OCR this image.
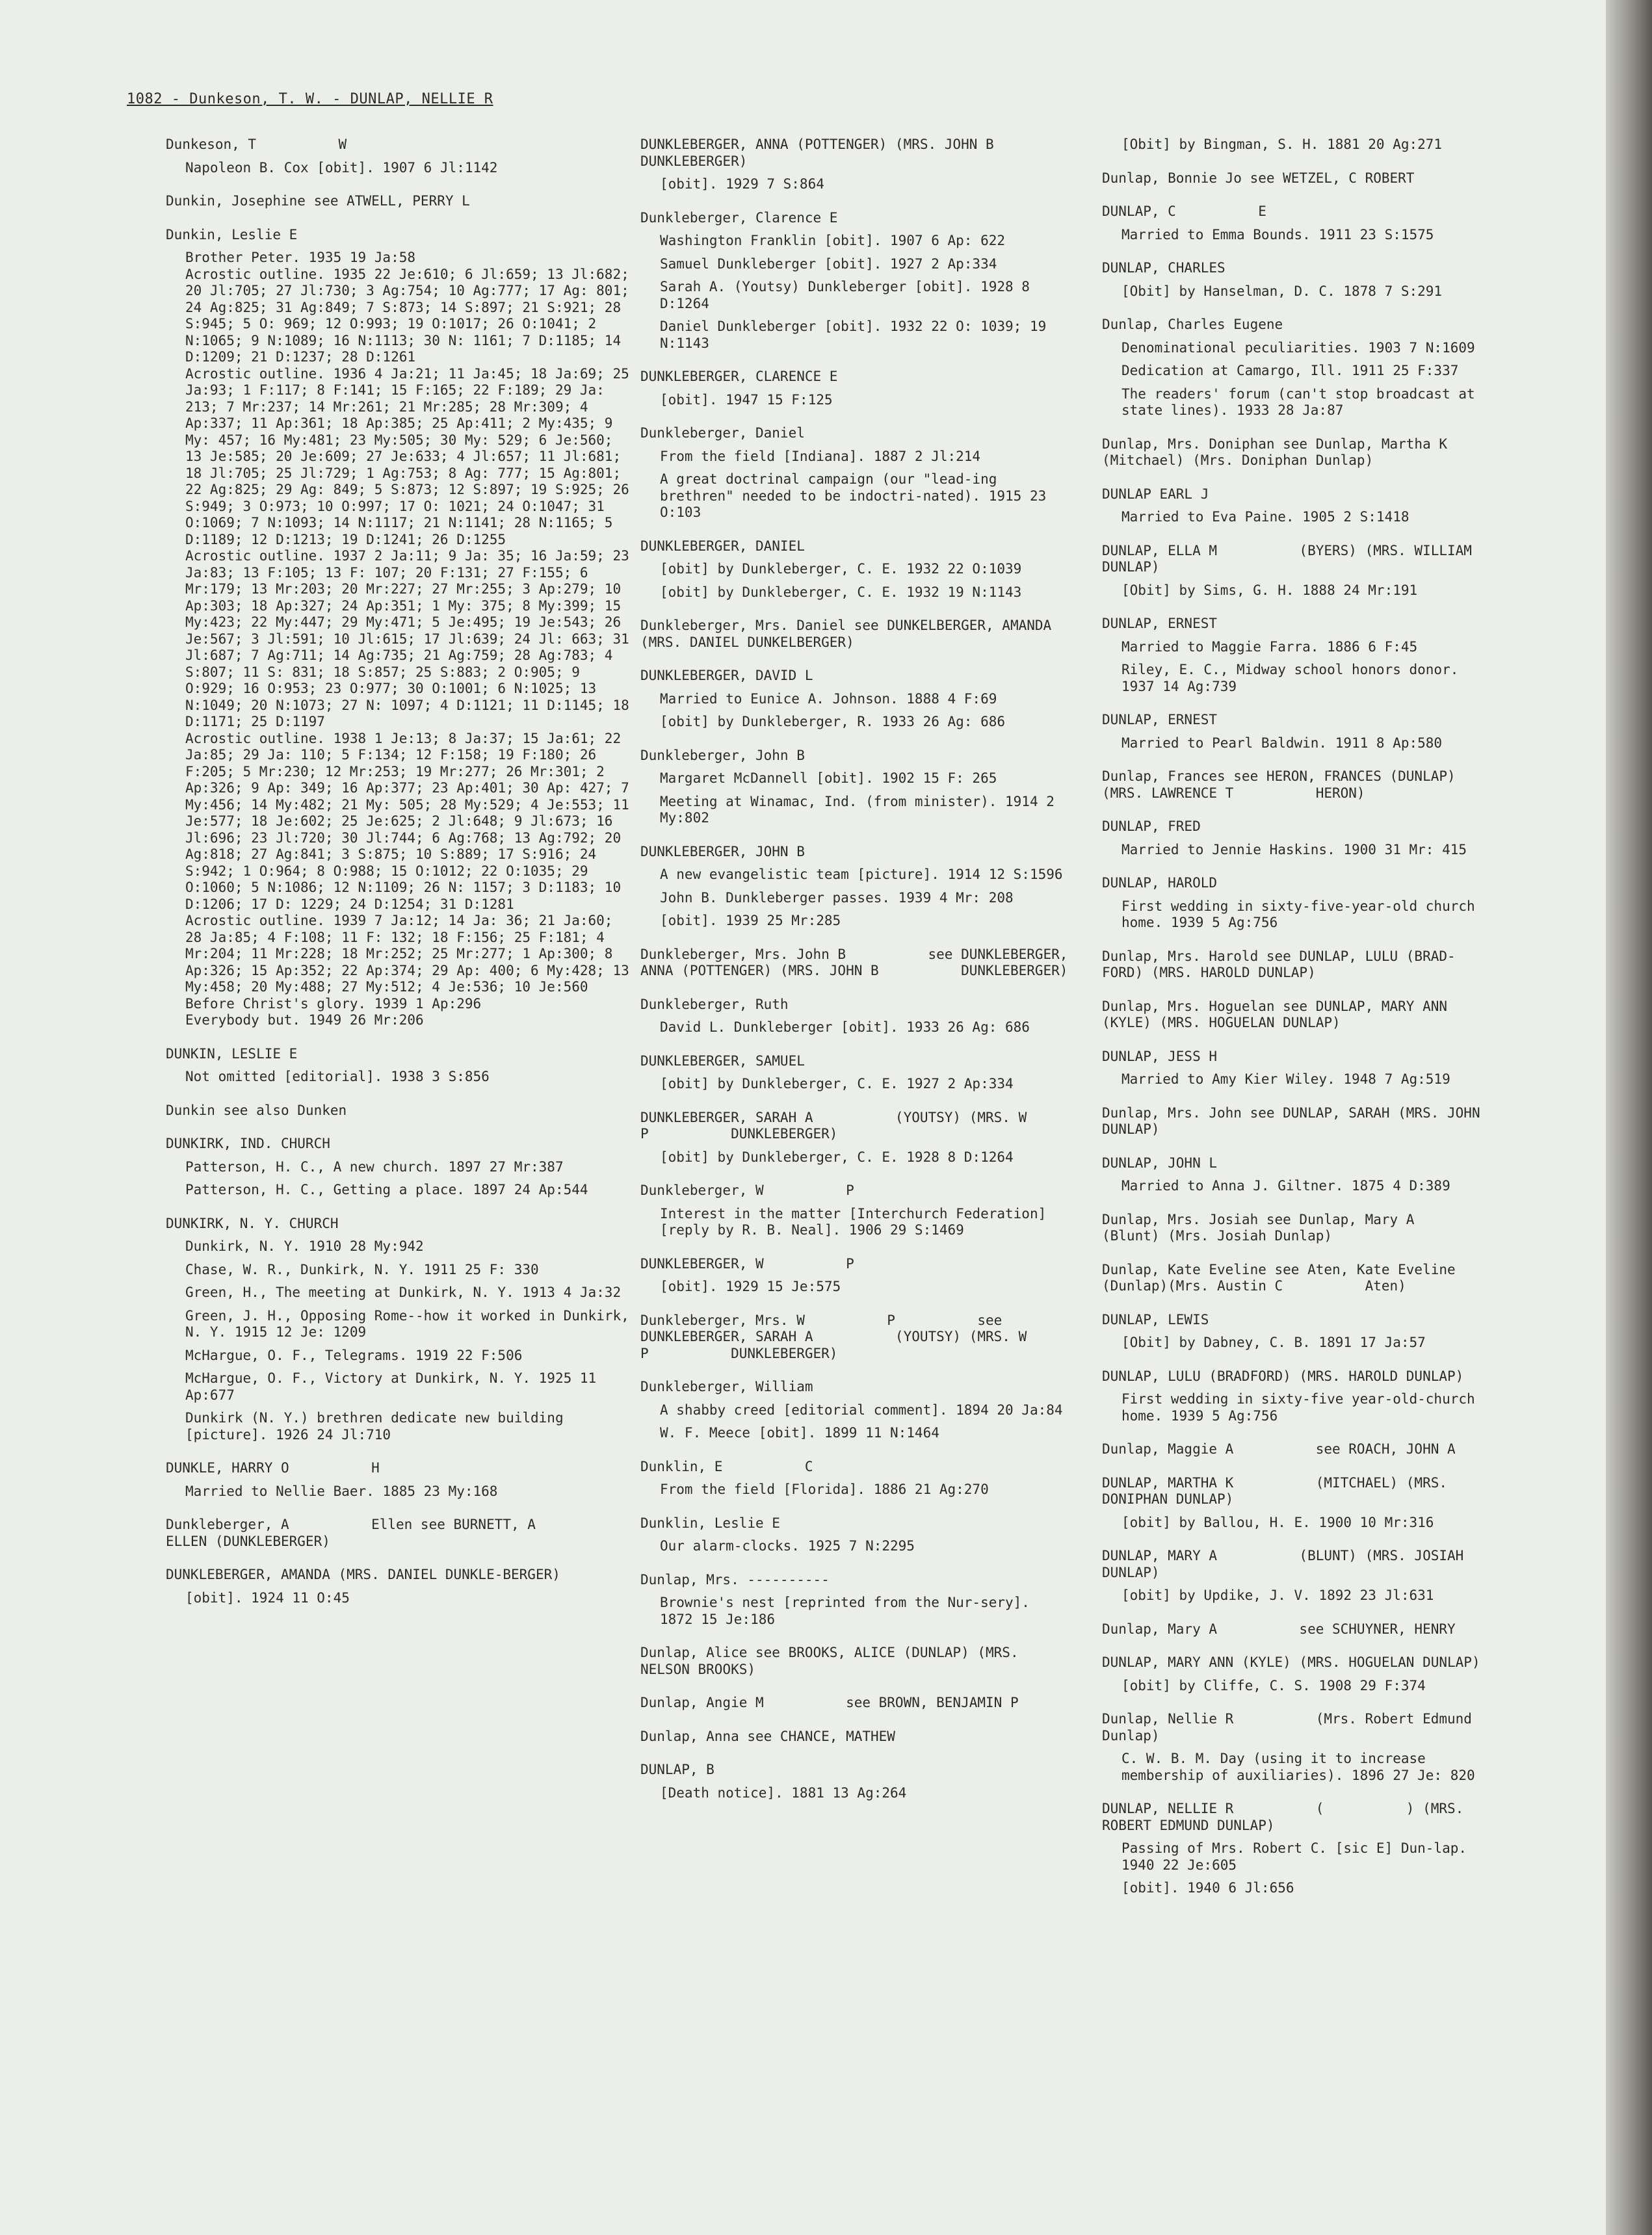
1082 - Dunkeson, T. W. - DUNLAP, NELLIE R
Dunkeson, T          W
Napoleon B. Cox [obit]. 1907 6 Jl:1142
Dunkin, Josephine see ATWELL, PERRY L
Dunkin, Leslie E
Brother Peter. 1935 19 Ja:58
Acrostic outline. 1935 22 Je:610; 6 Jl:659; 13 Jl:682; 20 Jl:705; 27 Jl:730; 3 Ag:754; 10 Ag:777; 17 Ag: 801; 24 Ag:825; 31 Ag:849; 7 S:873; 14 S:897; 21 S:921; 28 S:945; 5 O: 969; 12 O:993; 19 O:1017; 26 O:1041; 2 N:1065; 9 N:1089; 16 N:1113; 30 N: 1161; 7 D:1185; 14 D:1209; 21 D:1237; 28 D:1261
Acrostic outline. 1936 4 Ja:21; 11 Ja:45; 18 Ja:69; 25 Ja:93; 1 F:117; 8 F:141; 15 F:165; 22 F:189; 29 Ja: 213; 7 Mr:237; 14 Mr:261; 21 Mr:285; 28 Mr:309; 4 Ap:337; 11 Ap:361; 18 Ap:385; 25 Ap:411; 2 My:435; 9 My: 457; 16 My:481; 23 My:505; 30 My: 529; 6 Je:560; 13 Je:585; 20 Je:609; 27 Je:633; 4 Jl:657; 11 Jl:681; 18 Jl:705; 25 Jl:729; 1 Ag:753; 8 Ag: 777; 15 Ag:801; 22 Ag:825; 29 Ag: 849; 5 S:873; 12 S:897; 19 S:925; 26 S:949; 3 O:973; 10 O:997; 17 O: 1021; 24 O:1047; 31 O:1069; 7 N:1093; 14 N:1117; 21 N:1141; 28 N:1165; 5 D:1189; 12 D:1213; 19 D:1241; 26 D:1255
Acrostic outline. 1937 2 Ja:11; 9 Ja: 35; 16 Ja:59; 23 Ja:83; 13 F:105; 13 F: 107; 20 F:131; 27 F:155; 6 Mr:179; 13 Mr:203; 20 Mr:227; 27 Mr:255; 3 Ap:279; 10 Ap:303; 18 Ap:327; 24 Ap:351; 1 My: 375; 8 My:399; 15 My:423; 22 My:447; 29 My:471; 5 Je:495; 19 Je:543; 26 Je:567; 3 Jl:591; 10 Jl:615; 17 Jl:639; 24 Jl: 663; 31 Jl:687; 7 Ag:711; 14 Ag:735; 21 Ag:759; 28 Ag:783; 4 S:807; 11 S: 831; 18 S:857; 25 S:883; 2 O:905; 9 O:929; 16 O:953; 23 O:977; 30 O:1001; 6 N:1025; 13 N:1049; 20 N:1073; 27 N: 1097; 4 D:1121; 11 D:1145; 18 D:1171; 25 D:1197
Acrostic outline. 1938 1 Je:13; 8 Ja:37; 15 Ja:61; 22 Ja:85; 29 Ja: 110; 5 F:134; 12 F:158; 19 F:180; 26 F:205; 5 Mr:230; 12 Mr:253; 19 Mr:277; 26 Mr:301; 2 Ap:326; 9 Ap: 349; 16 Ap:377; 23 Ap:401; 30 Ap: 427; 7 My:456; 14 My:482; 21 My: 505; 28 My:529; 4 Je:553; 11 Je:577; 18 Je:602; 25 Je:625; 2 Jl:648; 9 Jl:673; 16 Jl:696; 23 Jl:720; 30 Jl:744; 6 Ag:768; 13 Ag:792; 20 Ag:818; 27 Ag:841; 3 S:875; 10 S:889; 17 S:916; 24 S:942; 1 O:964; 8 O:988; 15 O:1012; 22 O:1035; 29 O:1060; 5 N:1086; 12 N:1109; 26 N: 1157; 3 D:1183; 10 D:1206; 17 D: 1229; 24 D:1254; 31 D:1281
Acrostic outline. 1939 7 Ja:12; 14 Ja: 36; 21 Ja:60; 28 Ja:85; 4 F:108; 11 F: 132; 18 F:156; 25 F:181; 4 Mr:204; 11 Mr:228; 18 Mr:252; 25 Mr:277; 1 Ap:300; 8 Ap:326; 15 Ap:352; 22 Ap:374; 29 Ap: 400; 6 My:428; 13 My:458; 20 My:488; 27 My:512; 4 Je:536; 10 Je:560
Before Christ's glory. 1939 1 Ap:296
Everybody but. 1949 26 Mr:206
DUNKIN, LESLIE E
Not omitted [editorial]. 1938 3 S:856
Dunkin see also Dunken
DUNKIRK, IND. CHURCH
Patterson, H. C., A new church. 1897 27 Mr:387
Patterson, H. C., Getting a place. 1897 24 Ap:544
DUNKIRK, N. Y. CHURCH
Dunkirk, N. Y. 1910 28 My:942
Chase, W. R., Dunkirk, N. Y. 1911 25 F: 330
Green, H., The meeting at Dunkirk, N. Y. 1913 4 Ja:32
Green, J. H., Opposing Rome--how it worked in Dunkirk, N. Y. 1915 12 Je: 1209
McHargue, O. F., Telegrams. 1919 22 F:506
McHargue, O. F., Victory at Dunkirk, N. Y. 1925 11 Ap:677
Dunkirk (N. Y.) brethren dedicate new building [picture]. 1926 24 Jl:710
DUNKLE, HARRY O          H
Married to Nellie Baer. 1885 23 My:168
Dunkleberger, A          Ellen see BURNETT, A          ELLEN (DUNKLEBERGER)
DUNKLEBERGER, AMANDA (MRS. DANIEL DUNKLE-BERGER)
[obit]. 1924 11 O:45
DUNKLEBERGER, ANNA (POTTENGER) (MRS. JOHN B          DUNKLEBERGER)
[obit]. 1929 7 S:864
Dunkleberger, Clarence E
Washington Franklin [obit]. 1907 6 Ap: 622
Samuel Dunkleberger [obit]. 1927 2 Ap:334
Sarah A. (Youtsy) Dunkleberger [obit]. 1928 8 D:1264
Daniel Dunkleberger [obit]. 1932 22 O: 1039; 19 N:1143
DUNKLEBERGER, CLARENCE E
[obit]. 1947 15 F:125
Dunkleberger, Daniel
From the field [Indiana]. 1887 2 Jl:214
A great doctrinal campaign (our "lead-ing brethren" needed to be indoctri-nated). 1915 23 O:103
DUNKLEBERGER, DANIEL
[obit] by Dunkleberger, C. E. 1932 22 O:1039
[obit] by Dunkleberger, C. E. 1932 19 N:1143
Dunkleberger, Mrs. Daniel see DUNKELBERGER, AMANDA (MRS. DANIEL DUNKELBERGER)
DUNKLEBERGER, DAVID L
Married to Eunice A. Johnson. 1888 4 F:69
[obit] by Dunkleberger, R. 1933 26 Ag: 686
Dunkleberger, John B
Margaret McDannell [obit]. 1902 15 F: 265
Meeting at Winamac, Ind. (from minister). 1914 2 My:802
DUNKLEBERGER, JOHN B
A new evangelistic team [picture]. 1914 12 S:1596
John B. Dunkleberger passes. 1939 4 Mr: 208
[obit]. 1939 25 Mr:285
Dunkleberger, Mrs. John B          see DUNKLEBERGER, ANNA (POTTENGER) (MRS. JOHN B          DUNKLEBERGER)
Dunkleberger, Ruth
David L. Dunkleberger [obit]. 1933 26 Ag: 686
DUNKLEBERGER, SAMUEL
[obit] by Dunkleberger, C. E. 1927 2 Ap:334
DUNKLEBERGER, SARAH A          (YOUTSY) (MRS. W          P          DUNKLEBERGER)
[obit] by Dunkleberger, C. E. 1928 8 D:1264
Dunkleberger, W          P
Interest in the matter [Interchurch Federation] [reply by R. B. Neal]. 1906 29 S:1469
DUNKLEBERGER, W          P
[obit]. 1929 15 Je:575
Dunkleberger, Mrs. W          P          see DUNKLEBERGER, SARAH A          (YOUTSY) (MRS. W          P          DUNKLEBERGER)
Dunkleberger, William
A shabby creed [editorial comment]. 1894 20 Ja:84
W. F. Meece [obit]. 1899 11 N:1464
Dunklin, E          C
From the field [Florida]. 1886 21 Ag:270
Dunklin, Leslie E
Our alarm-clocks. 1925 7 N:2295
Dunlap, Mrs. ----------
Brownie's nest [reprinted from the Nur-sery]. 1872 15 Je:186
Dunlap, Alice see BROOKS, ALICE (DUNLAP) (MRS. NELSON BROOKS)
Dunlap, Angie M          see BROWN, BENJAMIN P
Dunlap, Anna see CHANCE, MATHEW
DUNLAP, B
[Death notice]. 1881 13 Ag:264
[Obit] by Bingman, S. H. 1881 20 Ag:271
Dunlap, Bonnie Jo see WETZEL, C ROBERT
DUNLAP, C          E
Married to Emma Bounds. 1911 23 S:1575
DUNLAP, CHARLES
[Obit] by Hanselman, D. C. 1878 7 S:291
Dunlap, Charles Eugene
Denominational peculiarities. 1903 7 N:1609
Dedication at Camargo, Ill. 1911 25 F:337
The readers' forum (can't stop broadcast at state lines). 1933 28 Ja:87
Dunlap, Mrs. Doniphan see Dunlap, Martha K          (Mitchael) (Mrs. Doniphan Dunlap)
DUNLAP EARL J
Married to Eva Paine. 1905 2 S:1418
DUNLAP, ELLA M          (BYERS) (MRS. WILLIAM DUNLAP)
[Obit] by Sims, G. H. 1888 24 Mr:191
DUNLAP, ERNEST
Married to Maggie Farra. 1886 6 F:45
Riley, E. C., Midway school honors donor. 1937 14 Ag:739
DUNLAP, ERNEST
Married to Pearl Baldwin. 1911 8 Ap:580
Dunlap, Frances see HERON, FRANCES (DUNLAP) (MRS. LAWRENCE T          HERON)
DUNLAP, FRED
Married to Jennie Haskins. 1900 31 Mr: 415
DUNLAP, HAROLD
First wedding in sixty-five-year-old church home. 1939 5 Ag:756
Dunlap, Mrs. Harold see DUNLAP, LULU (BRAD-FORD) (MRS. HAROLD DUNLAP)
Dunlap, Mrs. Hoguelan see DUNLAP, MARY ANN (KYLE) (MRS. HOGUELAN DUNLAP)
DUNLAP, JESS H
Married to Amy Kier Wiley. 1948 7 Ag:519
Dunlap, Mrs. John see DUNLAP, SARAH (MRS. JOHN DUNLAP)
DUNLAP, JOHN L
Married to Anna J. Giltner. 1875 4 D:389
Dunlap, Mrs. Josiah see Dunlap, Mary A          (Blunt) (Mrs. Josiah Dunlap)
Dunlap, Kate Eveline see Aten, Kate Eveline (Dunlap)(Mrs. Austin C          Aten)
DUNLAP, LEWIS
[Obit] by Dabney, C. B. 1891 17 Ja:57
DUNLAP, LULU (BRADFORD) (MRS. HAROLD DUNLAP)
First wedding in sixty-five year-old-church home. 1939 5 Ag:756
Dunlap, Maggie A          see ROACH, JOHN A
DUNLAP, MARTHA K          (MITCHAEL) (MRS. DONIPHAN DUNLAP)
[obit] by Ballou, H. E. 1900 10 Mr:316
DUNLAP, MARY A          (BLUNT) (MRS. JOSIAH DUNLAP)
[obit] by Updike, J. V. 1892 23 Jl:631
Dunlap, Mary A          see SCHUYNER, HENRY
DUNLAP, MARY ANN (KYLE) (MRS. HOGUELAN DUNLAP)
[obit] by Cliffe, C. S. 1908 29 F:374
Dunlap, Nellie R          (Mrs. Robert Edmund Dunlap)
C. W. B. M. Day (using it to increase membership of auxiliaries). 1896 27 Je: 820
DUNLAP, NELLIE R          (          ) (MRS. ROBERT EDMUND DUNLAP)
Passing of Mrs. Robert C. [sic E] Dun-lap. 1940 22 Je:605
[obit]. 1940 6 Jl:656
